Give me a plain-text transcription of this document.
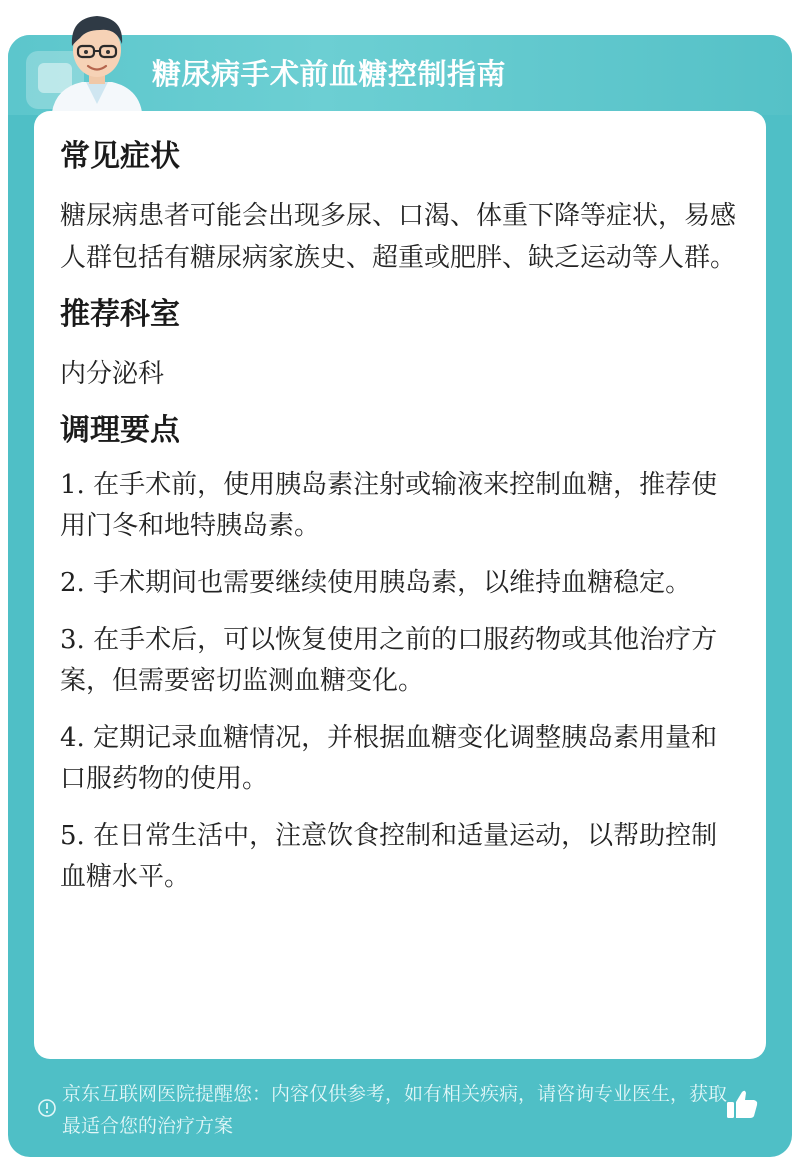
糖尿病手术前血糖控制指南
常见症状

糖尿病患者可能会出现多尿、口渴、体重下降等症状，易感人群包括有糖尿病家族史、超重或肥胖、缺乏运动等人群。

推荐科室

内分泌科

调理要点
1. 在手术前，使用胰岛素注射或输液来控制血糖，推荐使用门冬和地特胰岛素。
2. 手术期间也需要继续使用胰岛素，以维持血糖稳定。
3. 在手术后，可以恢复使用之前的口服药物或其他治疗方案，但需要密切监测血糖变化。
4. 定期记录血糖情况，并根据血糖变化调整胰岛素用量和口服药物的使用。
5. 在日常生活中，注意饮食控制和适量运动，以帮助控制血糖水平。
京东互联网医院提醒您：内容仅供参考，如有相关疾病，请咨询专业医生，获取最适合您的治疗方案
